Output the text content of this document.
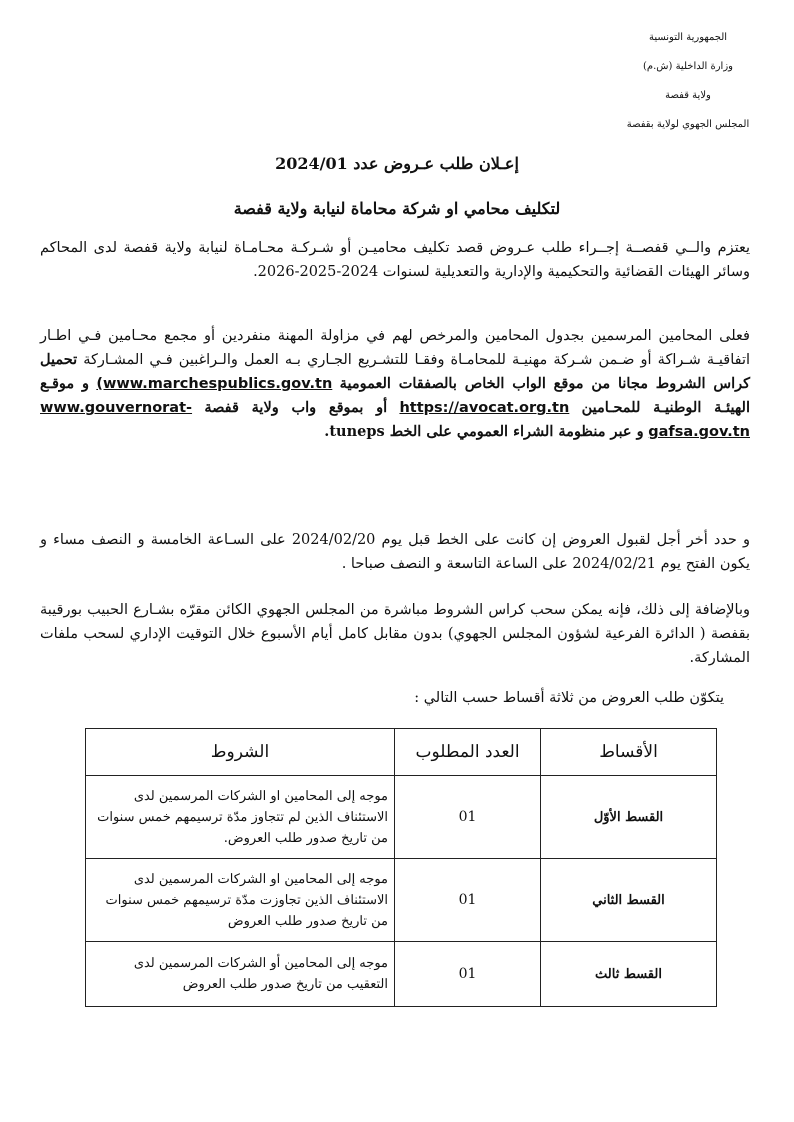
الجمهورية التونسية
وزارة الداخلية (ش.م)
ولاية قفصة
المجلس الجهوي لولاية بقفصة
إعـلان طلب عـروض عدد 2024/01
لتكليف محامي او شركة محاماة لنيابة ولاية قفصة
يعتزم والــي قفصــة إجــراء طلب عـروض قصد تكليف محاميـن أو شـركـة محـامـاة لنيابة ولاية قفصة لدى المحاكم وسائر الهيئات القضائية والتحكيمية والإدارية والتعديلية لسنوات 2024-2025-2026.
فعلى المحامين المرسمين بجدول المحامين والمرخص لهم في مزاولة المهنة منفردين أو مجمع محـامين فـي اطـار اتفاقيـة شـراكة أو ضـمن شـركة مهنيـة للمحامـاة وفقـا للتشـريع الجـاري بـه العمل والـراغبين فـي المشـاركة تحميل كراس الشروط مجانا من موقع الواب الخاص بالصفقات العمومية (www.marchespublics.gov.tn و موقـع الهيئـة الوطنيـة للمحـامين https://avocat.org.tn أو بموقع واب ولاية قفصة www.gouvernorat-gafsa.gov.tn و عبر منظومة الشراء العمومي على الخط tuneps.
و حدد أخر أجل لقبول العروض إن كانت على الخط قبل يوم 2024/02/20 على السـاعة الخامسة و النصف مساء و يكون الفتح يوم 2024/02/21 على الساعة التاسعة و النصف صباحا .
وبالإضافة إلى ذلك، فإنه يمكن سحب كراس الشروط مباشرة من المجلس الجهوي الكائن مقرّه بشـارع الحبيب بورقيبة بقفصة ( الدائرة الفرعية لشؤون المجلس الجهوي) بدون مقابل كامل أيام الأسبوع خلال التوقيت الإداري لسحب ملفات المشاركة.
يتكوّن طلب العروض من ثلاثة أقساط حسب التالي :
الأقساط	العدد المطلوب	الشروط
القسط الأوّل	01	موجه إلى المحامين او الشركات المرسمين لدى الاستئناف الذين لم تتجاوز مدّة ترسيمهم خمس سنوات من تاريخ صدور طلب العروض.
القسط الثاني	01	موجه إلى المحامين او الشركات المرسمين لدى الاستئناف الذين تجاوزت مدّة ترسيمهم خمس سنوات من تاريخ صدور طلب العروض
القسط ثالث	01	موجه إلى المحامين أو الشركات المرسمين لدى التعقيب من تاريخ صدور طلب العروض
